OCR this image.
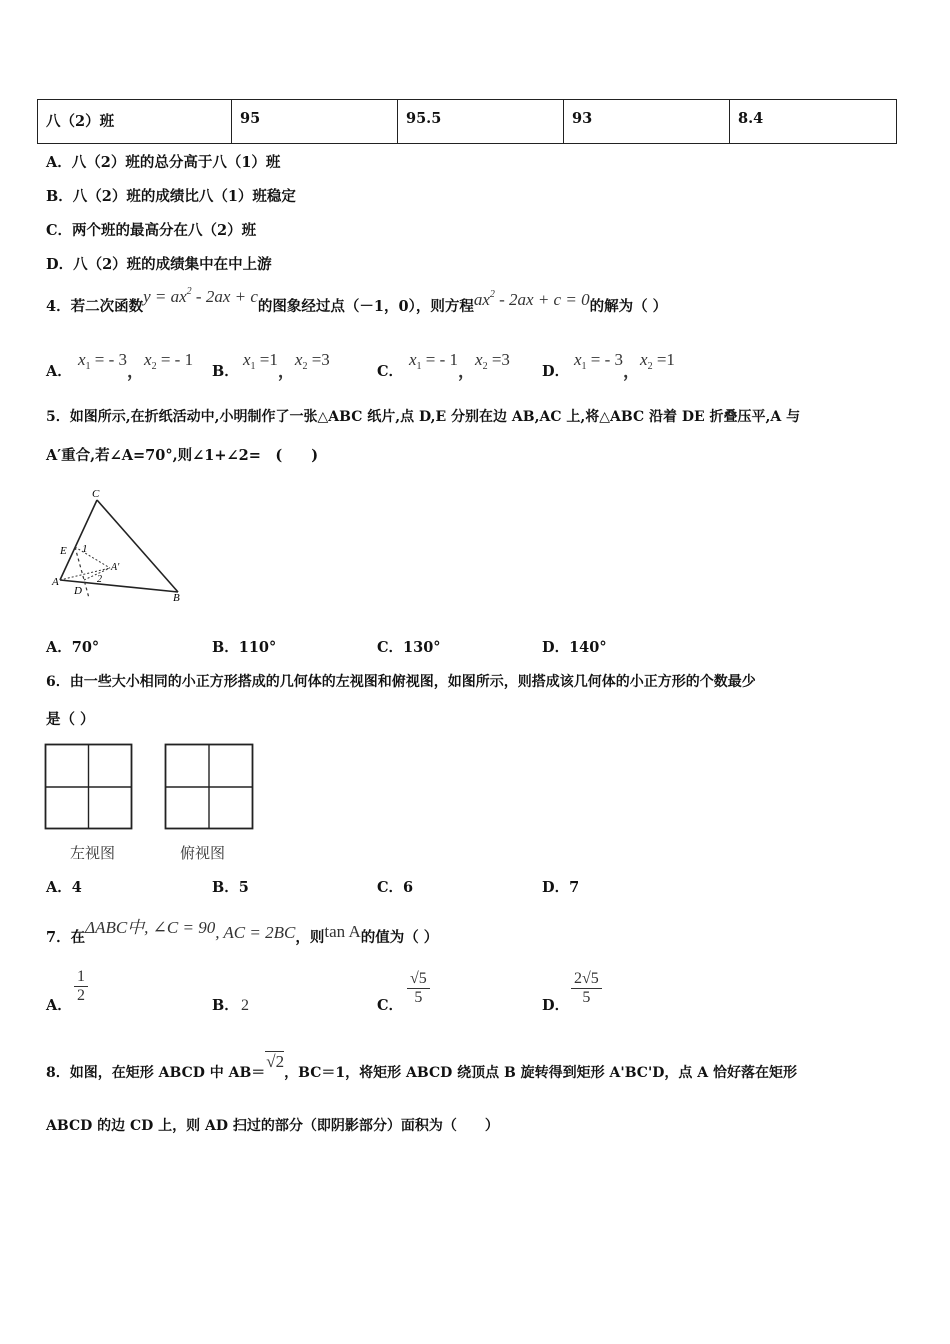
八（2）班	95	95.5	93	8.4
A．八（2）班的总分高于八（1）班
B．八（2）班的成绩比八（1）班稳定
C．两个班的最高分在八（2）班
D．八（2）班的成绩集中在中上游
4．若二次函数$y = ax^2 - 2ax + c$的图象经过点（－1，0），则方程$ax^2 - 2ax + c = 0$的解为（ ）
A．
$x_1$ = - 3，$x_2$ = - 1
B．
$x_1 =1$，$x_2 =3$
C．
$x_1$ = - 1，$x_2 =3$
D．
$x_1$ = - 3，$x_2 =1$
5．如图所示,在折纸活动中,小明制作了一张△ABC 纸片,点 D,E 分别在边 AB,AC 上,将△ABC 沿着 DE 折叠压平,A 与
A′重合,若∠A=70°,则∠1+∠2=　(　　)
C
E 1
A
A'
2
D
B
A．70°	B．110°	C．130°	D．140°
6．由一些大小相同的小正方形搭成的几何体的左视图和俯视图，如图所示，则搭成该几何体的小正方形的个数最少
是（ ）
左视图	俯视图
A．4	B．5	C．6	D．7
7．在ΔABC中, ∠C = 90, AC = 2BC，则tan A的值为（ ）
A．
$\frac{1}{2}$
B． 2	C． $\frac{√5}{5}$	D． $\frac{2√5}{5}$
8．如图，在矩形 ABCD 中 AB＝√2，BC＝1，将矩形 ABCD 绕顶点 B 旋转得到矩形 A'BC'D，点 A 恰好落在矩形
ABCD 的边 CD 上，则 AD 扫过的部分（即阴影部分）面积为（　　）
